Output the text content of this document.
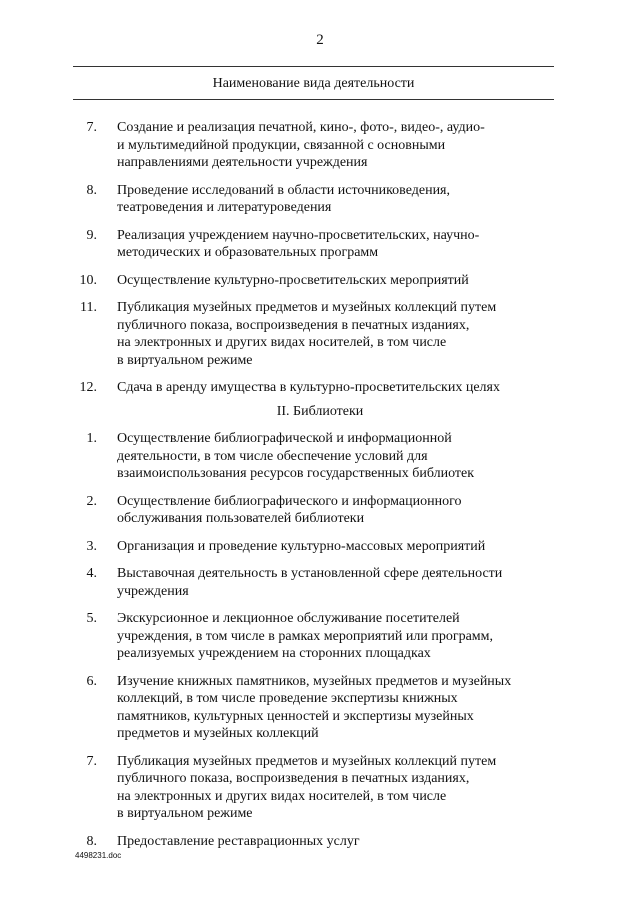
2
Наименование вида деятельности
7. Создание и реализация печатной, кино-, фото-, видео-, аудио-
и мультимедийной продукции, связанной с основными
направлениями деятельности учреждения
8. Проведение исследований в области источниковедения,
театроведения и литературоведения
9. Реализация учреждением научно-просветительских, научно-
методических и образовательных программ
10. Осуществление культурно-просветительских мероприятий
11. Публикация музейных предметов и музейных коллекций путем
публичного показа, воспроизведения в печатных изданиях,
на электронных и других видах носителей, в том числе
в виртуальном режиме
12. Сдача в аренду имущества в культурно-просветительских целях
II. Библиотеки
1. Осуществление библиографической и информационной
деятельности, в том числе обеспечение условий для
взаимоиспользования ресурсов государственных библиотек
2. Осуществление библиографического и информационного
обслуживания пользователей библиотеки
3. Организация и проведение культурно-массовых мероприятий
4. Выставочная деятельность в установленной сфере деятельности
учреждения
5. Экскурсионное и лекционное обслуживание посетителей
учреждения, в том числе в рамках мероприятий или программ,
реализуемых учреждением на сторонних площадках
6. Изучение книжных памятников, музейных предметов и музейных
коллекций, в том числе проведение экспертизы книжных
памятников, культурных ценностей и экспертизы музейных
предметов и музейных коллекций
7. Публикация музейных предметов и музейных коллекций путем
публичного показа, воспроизведения в печатных изданиях,
на электронных и других видах носителей, в том числе
в виртуальном режиме
8. Предоставление реставрационных услуг
4498231.doc
